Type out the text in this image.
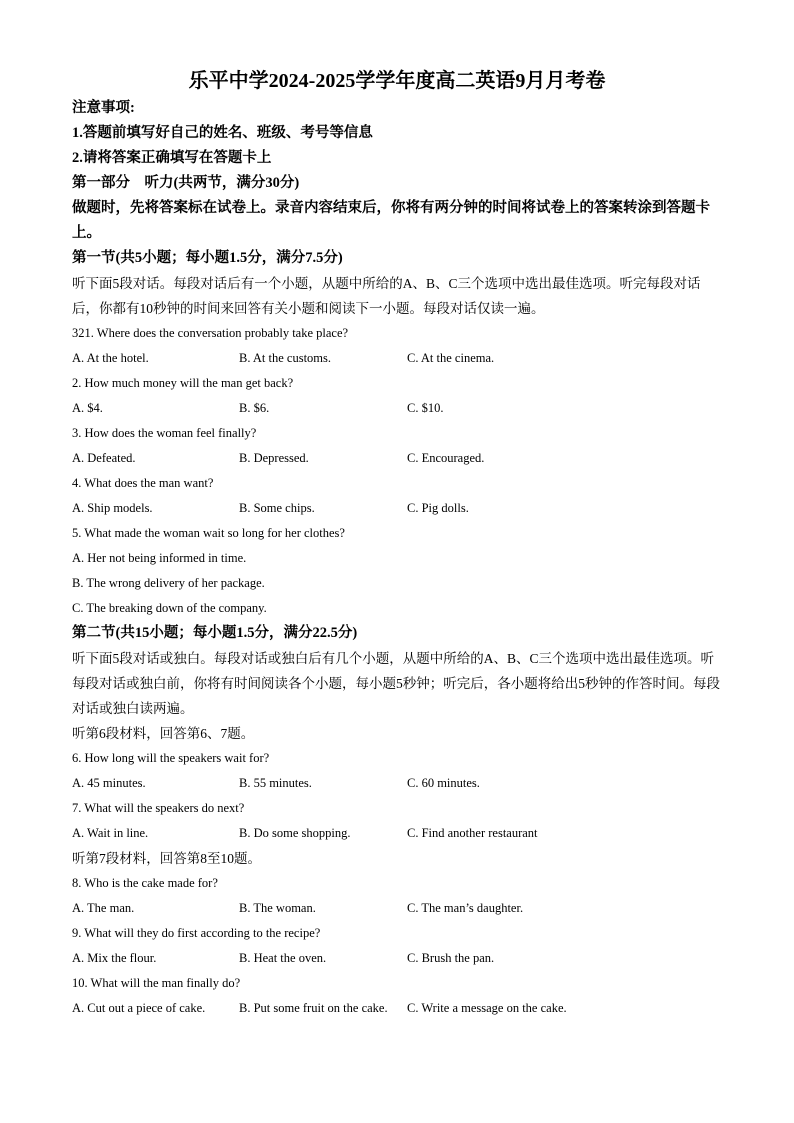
乐平中学2024-2025学学年度高二英语9月月考卷
注意事项:
1.答题前填写好自己的姓名、班级、考号等信息
2.请将答案正确填写在答题卡上
第一部分　听力(共两节，满分30分)
做题时，先将答案标在试卷上。录音内容结束后，你将有两分钟的时间将试卷上的答案转涂到答题卡上。
第一节(共5小题；每小题1.5分，满分7.5分)
听下面5段对话。每段对话后有一个小题，从题中所给的A、B、C三个选项中选出最佳选项。听完每段对话后，你都有10秒钟的时间来回答有关小题和阅读下一小题。每段对话仅读一遍。
321. Where does the conversation probably take place?
A. At the hotel.	B. At the customs.	C. At the cinema.
2. How much money will the man get back?
A. $4.	B. $6.	C. $10.
3. How does the woman feel finally?
A. Defeated.	B. Depressed.	C. Encouraged.
4. What does the man want?
A. Ship models.	B. Some chips.	C. Pig dolls.
5. What made the woman wait so long for her clothes?
A. Her not being informed in time.
B. The wrong delivery of her package.
C. The breaking down of the company.
第二节(共15小题；每小题1.5分，满分22.5分)
听下面5段对话或独白。每段对话或独白后有几个小题，从题中所给的A、B、C三个选项中选出最佳选项。听每段对话或独白前，你将有时间阅读各个小题，每小题5秒钟；听完后，各小题将给出5秒钟的作答时间。每段对话或独白读两遍。
听第6段材料，回答第6、7题。
6. How long will the speakers wait for?
A. 45 minutes.	B. 55 minutes.	C. 60 minutes.
7. What will the speakers do next?
A. Wait in line.	B. Do some shopping.	C. Find another restaurant
听第7段材料，回答第8至10题。
8. Who is the cake made for?
A. The man.	B. The woman.	C. The man’s daughter.
9. What will they do first according to the recipe?
A. Mix the flour.	B. Heat the oven.	C. Brush the pan.
10. What will the man finally do?
A. Cut out a piece of cake.	B. Put some fruit on the cake.	C. Write a message on the cake.
